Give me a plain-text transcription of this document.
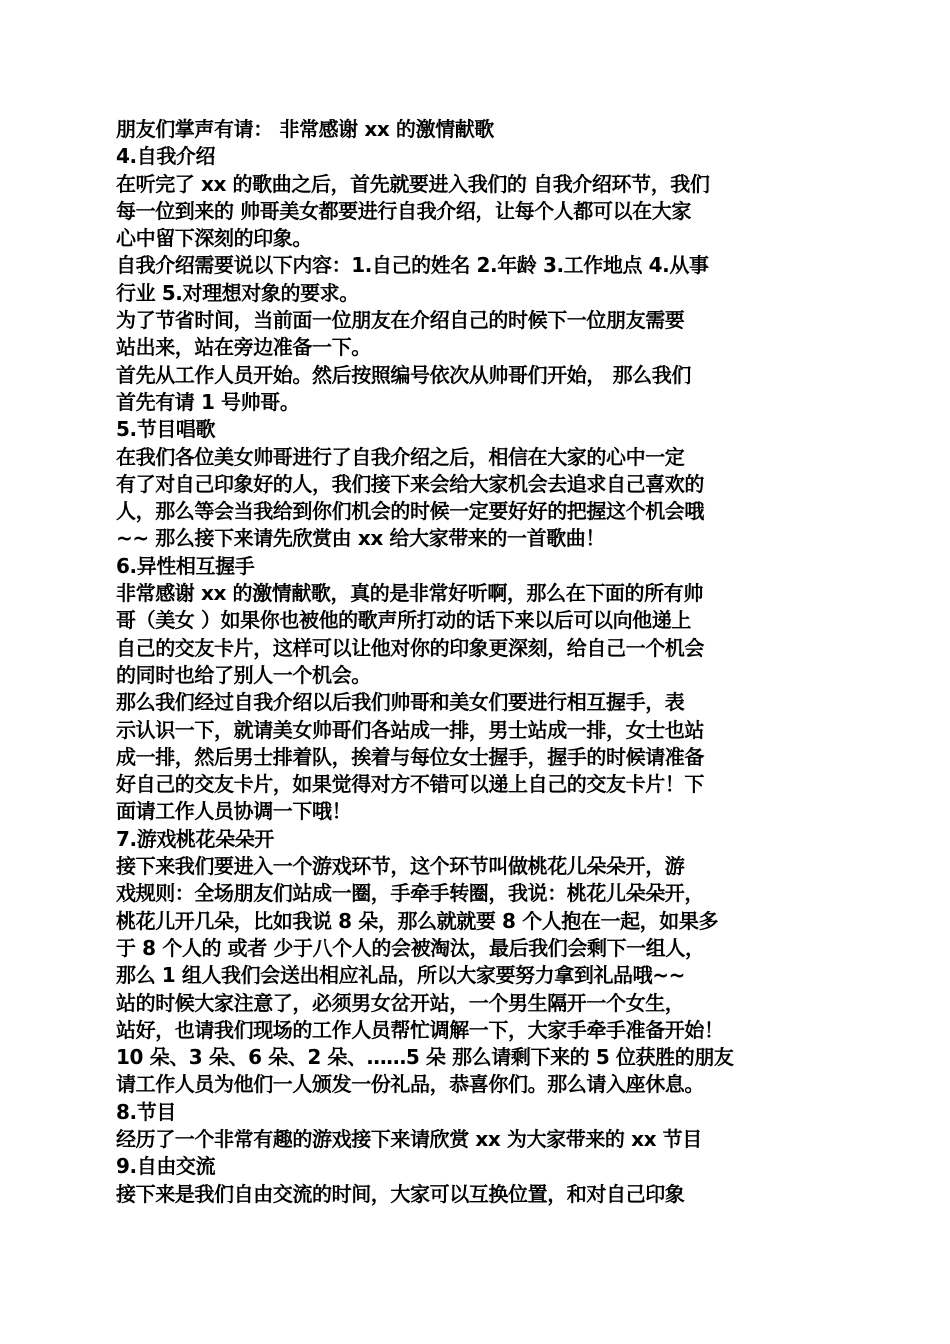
朋友们掌声有请： 非常感谢 xx 的激情献歌
4.自我介绍
在听完了 xx 的歌曲之后，首先就要进入我们的 自我介绍环节，我们
每一位到来的 帅哥美女都要进行自我介绍，让每个人都可以在大家
心中留下深刻的印象。
自我介绍需要说以下内容：1.自己的姓名 2.年龄 3.工作地点 4.从事
行业 5.对理想对象的要求。
为了节省时间，当前面一位朋友在介绍自己的时候下一位朋友需要
站出来，站在旁边准备一下。
首先从工作人员开始。然后按照编号依次从帅哥们开始， 那么我们
首先有请 1 号帅哥。
5.节目唱歌
在我们各位美女帅哥进行了自我介绍之后，相信在大家的心中一定
有了对自己印象好的人，我们接下来会给大家机会去追求自己喜欢的
人，那么等会当我给到你们机会的时候一定要好好的把握这个机会哦
~~ 那么接下来请先欣赏由 xx 给大家带来的一首歌曲！
6.异性相互握手
非常感谢 xx 的激情献歌，真的是非常好听啊，那么在下面的所有帅
哥（美女 ）如果你也被他的歌声所打动的话下来以后可以向他递上
自己的交友卡片，这样可以让他对你的印象更深刻，给自己一个机会
的同时也给了别人一个机会。
那么我们经过自我介绍以后我们帅哥和美女们要进行相互握手，表
示认识一下，就请美女帅哥们各站成一排，男士站成一排，女士也站
成一排，然后男士排着队，挨着与每位女士握手，握手的时候请准备
好自己的交友卡片，如果觉得对方不错可以递上自己的交友卡片！下
面请工作人员协调一下哦！
7.游戏桃花朵朵开
接下来我们要进入一个游戏环节，这个环节叫做桃花儿朵朵开，游
戏规则：全场朋友们站成一圈，手牵手转圈，我说：桃花儿朵朵开，
桃花儿开几朵，比如我说 8 朵，那么就就要 8 个人抱在一起，如果多
于 8 个人的 或者 少于八个人的会被淘汰，最后我们会剩下一组人，
那么 1 组人我们会送出相应礼品，所以大家要努力拿到礼品哦~~
站的时候大家注意了，必须男女岔开站，一个男生隔开一个女生，
站好，也请我们现场的工作人员帮忙调解一下，大家手牵手准备开始！
10 朵、3 朵、6 朵、2 朵、……5 朵 那么请剩下来的 5 位获胜的朋友
请工作人员为他们一人颁发一份礼品，恭喜你们。那么请入座休息。
8.节目
经历了一个非常有趣的游戏接下来请欣赏 xx 为大家带来的 xx 节目
9.自由交流
接下来是我们自由交流的时间，大家可以互换位置，和对自己印象
